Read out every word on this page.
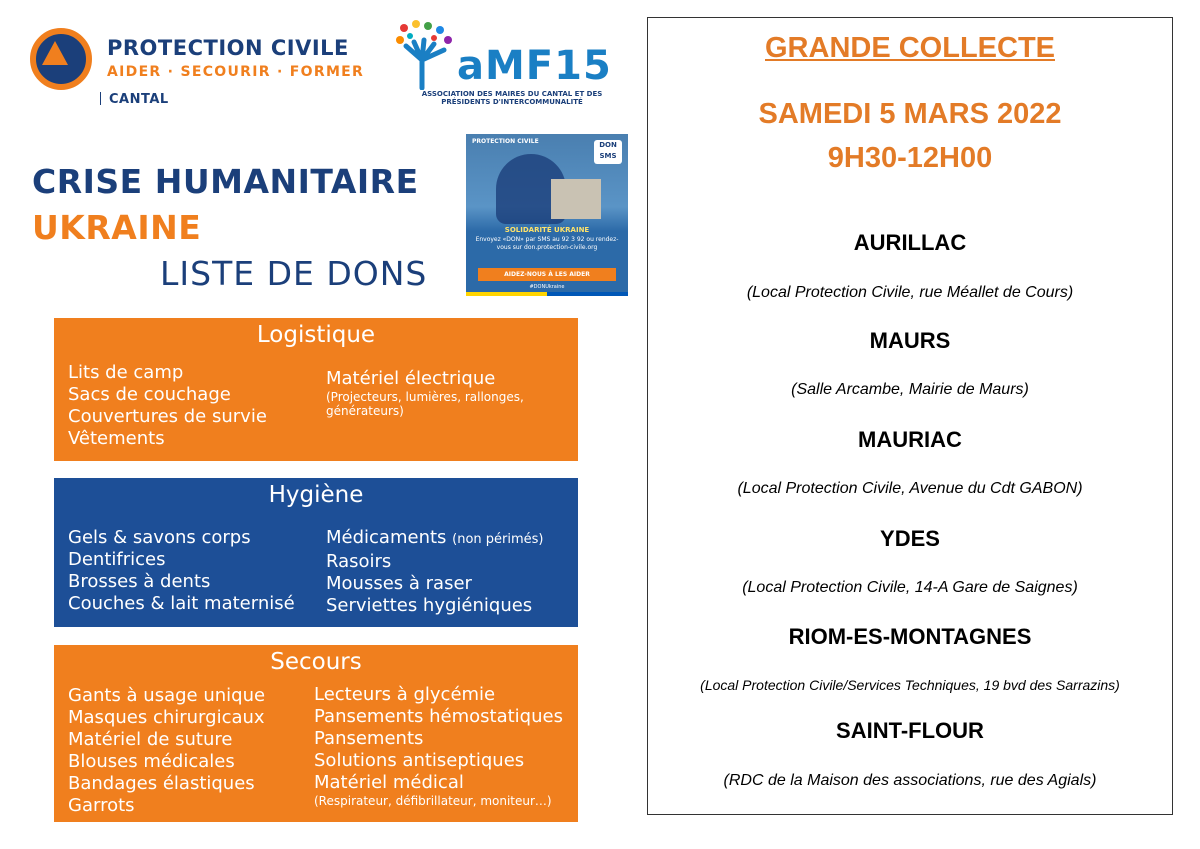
PROTECTION CIVILE
AIDER · SECOURIR · FORMER
CANTAL
aMF15
ASSOCIATION DES MAIRES DU CANTAL ET DES PRÉSIDENTS D'INTERCOMMUNALITÉ
CRISE HUMANITAIRE
UKRAINE
LISTE DE DONS
PROTECTION CIVILE	DON SMS
SOLIDARITÉ UKRAINE
Envoyez «DON» par SMS au 92 3 92 ou rendez-vous sur don.protection-civile.org
AIDEZ-NOUS À LES AIDER
#DONUkraine
Logistique
Lits de camp
Sacs de couchage
Couvertures de survie
Vêtements
Matériel électrique
(Projecteurs, lumières, rallonges, générateurs)
Hygiène
Gels & savons corps
Dentifrices
Brosses à dents
Couches & lait maternisé
Médicaments (non périmés)
Rasoirs
Mousses à raser
Serviettes hygiéniques
Secours
Gants à usage unique
Masques chirurgicaux
Matériel de suture
Blouses médicales
Bandages élastiques
Garrots
Lecteurs à glycémie
Pansements hémostatiques
Pansements
Solutions antiseptiques
Matériel médical
(Respirateur, défibrillateur, moniteur…)
GRANDE COLLECTE
SAMEDI 5 MARS 2022
9H30-12H00
AURILLAC
(Local Protection Civile, rue Méallet de Cours)
MAURS
(Salle Arcambe, Mairie de Maurs)
MAURIAC
(Local Protection Civile, Avenue du Cdt GABON)
YDES
(Local Protection Civile, 14-A Gare de Saignes)
RIOM-ES-MONTAGNES
(Local Protection Civile/Services Techniques, 19 bvd des Sarrazins)
SAINT-FLOUR
(RDC de la Maison des associations, rue des Agials)
